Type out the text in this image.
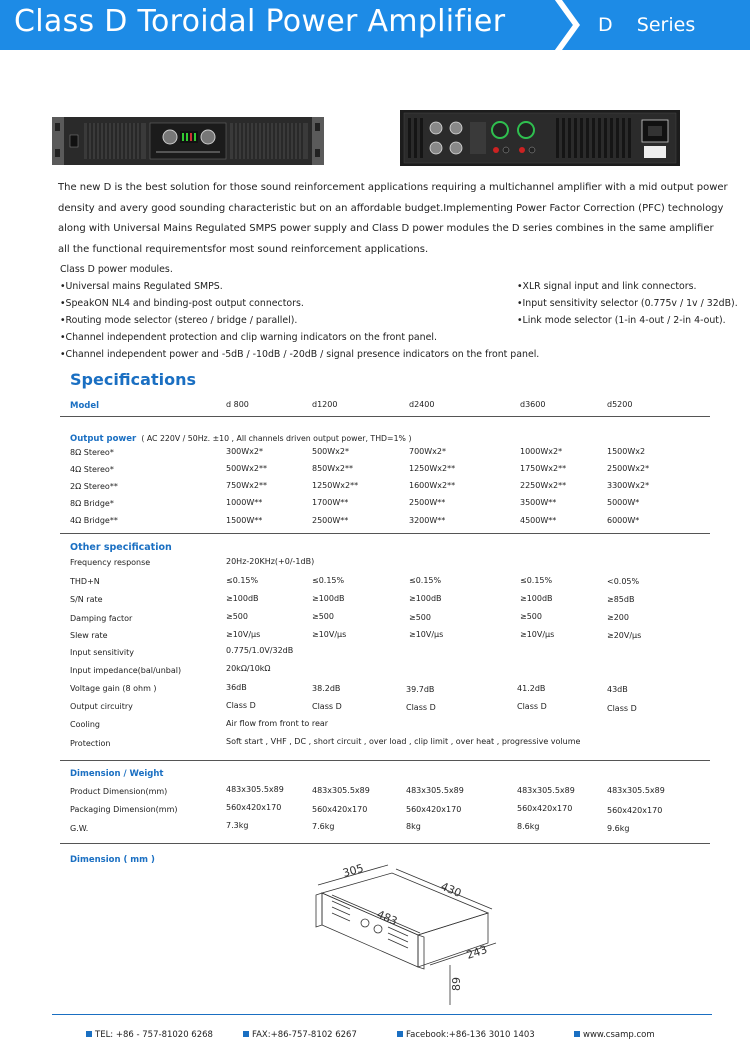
Class D Toroidal Power Amplifier	D    Series
The new D is the best solution for those sound reinforcement applications requiring a multichannel amplifier with a mid output power density and avery good sounding characteristic but on an affordable budget.Implementing Power Factor Correction (PFC) technology along with Universal Mains Regulated SMPS power supply and Class D power modules the D series combines in the same amplifier all the functional requirementsfor most sound reinforcement applications.
Class D power modules.
•Universal mains Regulated SMPS.
•SpeakON NL4 and binding-post output connectors.
•Routing mode selector (stereo / bridge / parallel).
•Channel independent protection and clip warning indicators on the front panel.
•Channel independent power and -5dB / -10dB / -20dB / signal presence indicators on the front panel.
•XLR signal input and link connectors.
•Input sensitivity selector (0.775v / 1v / 32dB).
•Link mode selector (1-in 4-out / 2-in 4-out).
Specifications
Model	d 800	d1200	d2400	d3600	d5200
Output power ( AC 220V / 50Hz. ±10 , All channels driven output power, THD=1% )
8Ω Stereo*	300Wx2*	500Wx2*	700Wx2*	1000Wx2*	1500Wx2
4Ω Stereo*	500Wx2**	850Wx2**	1250Wx2**	1750Wx2**	2500Wx2*
2Ω Stereo**	750Wx2**	1250Wx2**	1600Wx2**	2250Wx2**	3300Wx2*
8Ω Bridge*	1000W**	1700W**	2500W**	3500W**	5000W*
4Ω Bridge**	1500W**	2500W**	3200W**	4500W**	6000W*
Other specification
Frequency response	20Hz-20KHz(+0/-1dB)
THD+N	≤0.15%	≤0.15%	≤0.15%	≤0.15%	<0.05%
S/N rate	≥100dB	≥100dB	≥100dB	≥100dB	≥85dB
Damping factor	≥500	≥500	≥500	≥500	≥200
Slew rate	≥10V/μs	≥10V/μs	≥10V/μs	≥10V/μs	≥20V/μs
Input sensitivity	0.775/1.0V/32dB
Input impedance(bal/unbal)	20kΩ/10kΩ
Voltage gain (8 ohm )	36dB	38.2dB	39.7dB	41.2dB	43dB
Output circuitry	Class D	Class D	Class D	Class D	Class D
Cooling	Air flow from front to rear
Protection	Soft start , VHF , DC , short circuit , over load , clip limit , over heat , progressive volume
Dimension / Weight
Product Dimension(mm)	483x305.5x89	483x305.5x89	483x305.5x89	483x305.5x89	483x305.5x89
Packaging Dimension(mm)	560x420x170	560x420x170	560x420x170	560x420x170	560x420x170
G.W.	7.3kg	7.6kg	8kg	8.6kg	9.6kg
Dimension ( mm )
305
430
483
243
89
TEL: +86 - 757-81020 6268	FAX:+86-757-8102 6267	Facebook:+86-136 3010 1403	www.csamp.com
